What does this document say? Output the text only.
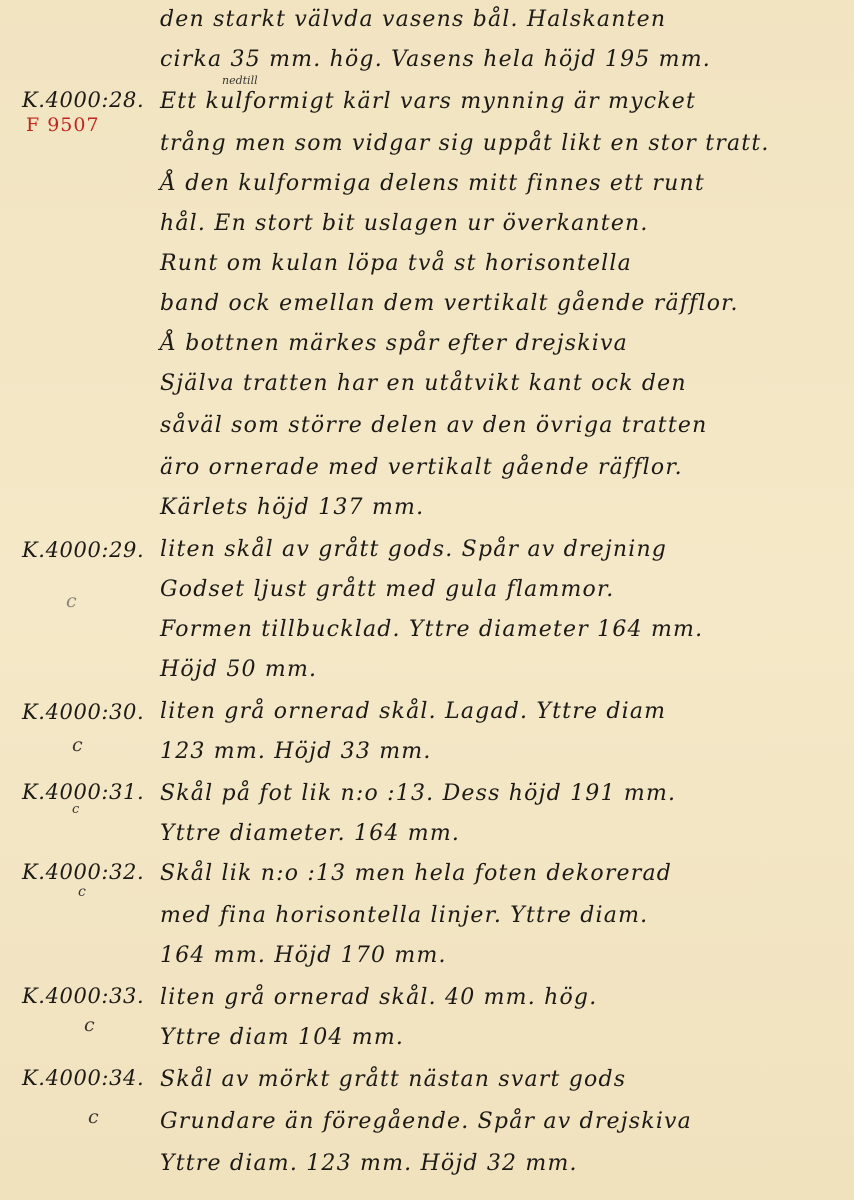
den starkt välvda vasens bål. Halskanten
cirka 35 mm. hög. Vasens hela höjd 195 mm.
K.4000:28.
F 9507
nedtill
Ett kulformigt kärl vars mynning är mycket
trång men som vidgar sig uppåt likt en stor tratt.
Å den kulformiga delens mitt finnes ett runt
hål. En stort bit uslagen ur överkanten.
Runt om kulan löpa två st horisontella
band ock emellan dem vertikalt gående räfflor.
Å bottnen märkes spår efter drejskiva
Själva tratten har en utåtvikt kant ock den
såväl som större delen av den övriga tratten
äro ornerade med vertikalt gående räfflor.
Kärlets höjd 137 mm.
K.4000:29.
c
liten skål av grått gods. Spår av drejning
Godset ljust grått med gula flammor.
Formen tillbucklad. Yttre diameter 164 mm.
Höjd 50 mm.
K.4000:30.
c
liten grå ornerad skål. Lagad. Yttre diam
123 mm. Höjd 33 mm.
K.4000:31.
c
Skål på fot lik n:o :13. Dess höjd 191 mm.
Yttre diameter. 164 mm.
K.4000:32.
c
Skål lik n:o :13 men hela foten dekorerad
med fina horisontella linjer. Yttre diam.
164 mm. Höjd 170 mm.
K.4000:33.
c
liten grå ornerad skål. 40 mm. hög.
Yttre diam 104 mm.
K.4000:34.
c
Skål av mörkt grått nästan svart gods
Grundare än föregående. Spår av drejskiva
Yttre diam. 123 mm. Höjd 32 mm.
